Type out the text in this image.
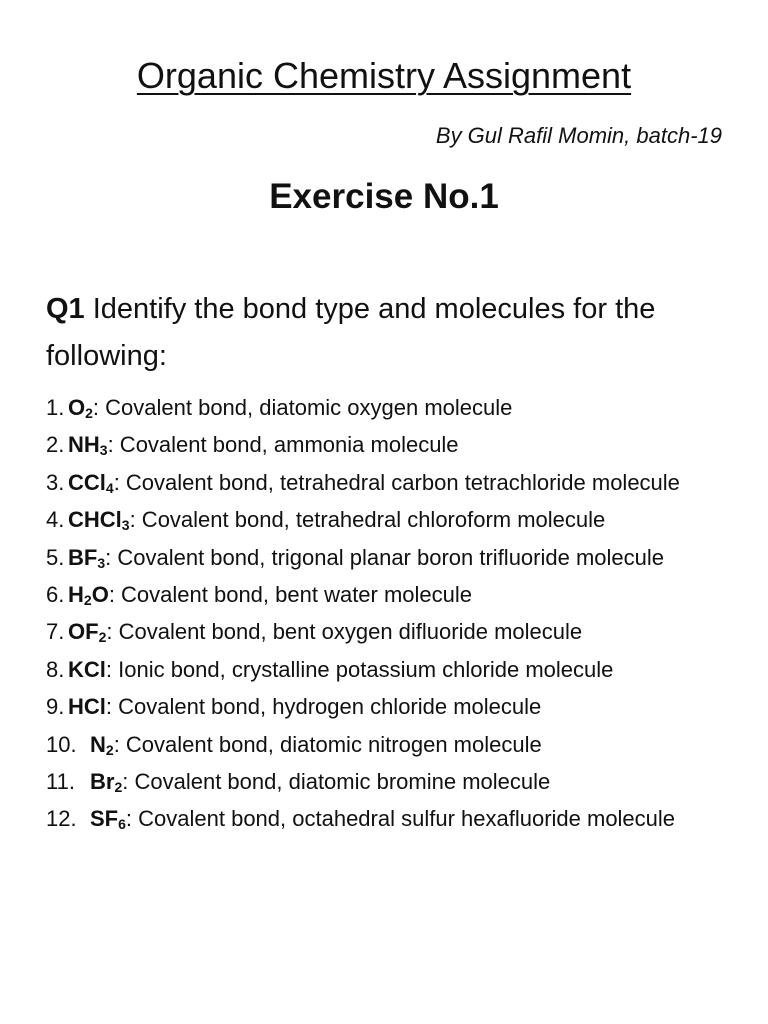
Organic Chemistry Assignment
By Gul Rafil Momin, batch-19
Exercise No.1
Q1 Identify the bond type and molecules for the following:
1. $O_2$: Covalent bond, diatomic oxygen molecule
2. $NH_3$: Covalent bond, ammonia molecule
3. CCl$_4$: Covalent bond, tetrahedral carbon tetrachloride molecule
4. CHCl$_3$: Covalent bond, tetrahedral chloroform molecule
5. $BF_3$: Covalent bond, trigonal planar boron trifluoride molecule
6. $H_2O$: Covalent bond, bent water molecule
7. $OF_2$: Covalent bond, bent oxygen difluoride molecule
8. KCl: Ionic bond, crystalline potassium chloride molecule
9. HCl: Covalent bond, hydrogen chloride molecule
10. $N_2$: Covalent bond, diatomic nitrogen molecule
11. $Br_2$: Covalent bond, diatomic bromine molecule
12. $SF_6$: Covalent bond, octahedral sulfur hexafluoride molecule
